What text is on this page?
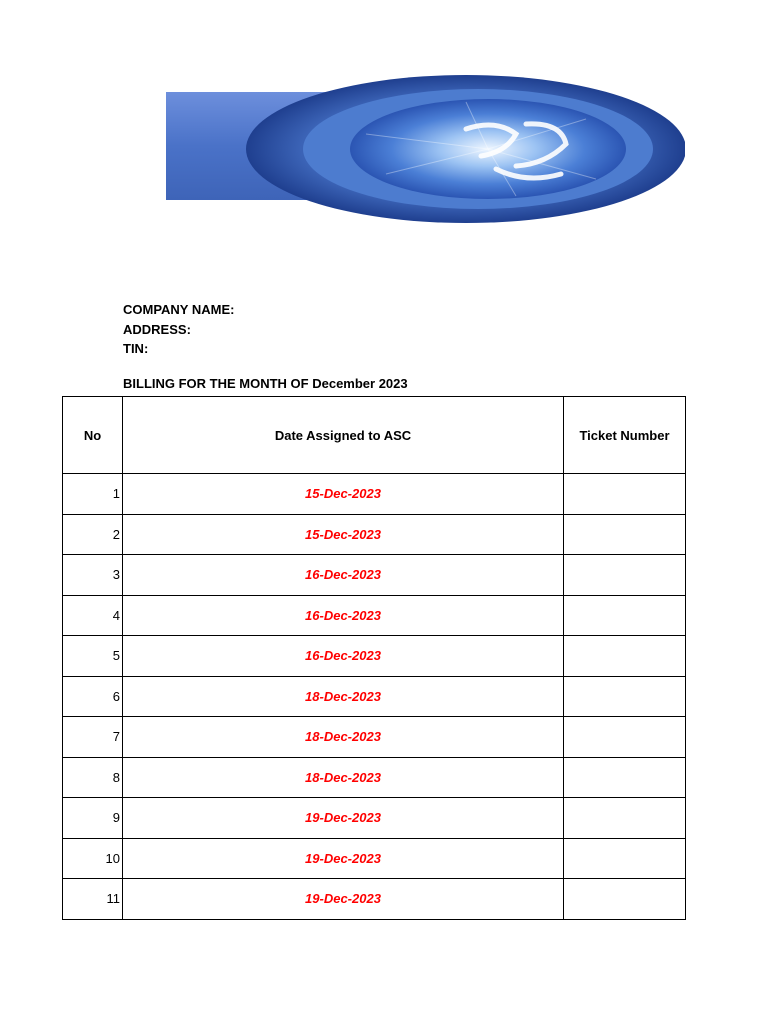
COMPANY NAME:
ADDRESS:
TIN:
BILLING FOR THE MONTH OF December 2023
No	Date Assigned to ASC	Ticket Number
1	15-Dec-2023	
2	15-Dec-2023	
3	16-Dec-2023	
4	16-Dec-2023	
5	16-Dec-2023	
6	18-Dec-2023	
7	18-Dec-2023	
8	18-Dec-2023	
9	19-Dec-2023	
10	19-Dec-2023	
11	19-Dec-2023	
